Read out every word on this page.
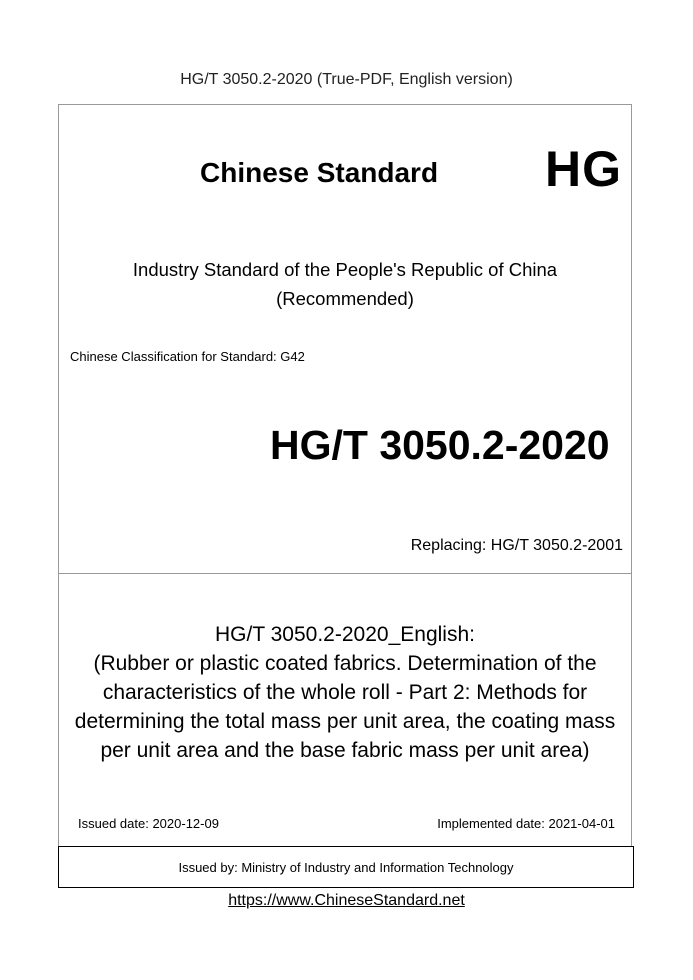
HG/T 3050.2-2020 (True-PDF, English version)
Chinese Standard HG
Industry Standard of the People's Republic of China
(Recommended)
Chinese Classification for Standard: G42
HG/T 3050.2-2020
Replacing: HG/T 3050.2-2001
HG/T 3050.2-2020_English:
(Rubber or plastic coated fabrics. Determination of the
characteristics of the whole roll - Part 2: Methods for
determining the total mass per unit area, the coating mass
per unit area and the base fabric mass per unit area)
Issued date: 2020-12-09	Implemented date: 2021-04-01
Issued by: Ministry of Industry and Information Technology
https://www.ChineseStandard.net
